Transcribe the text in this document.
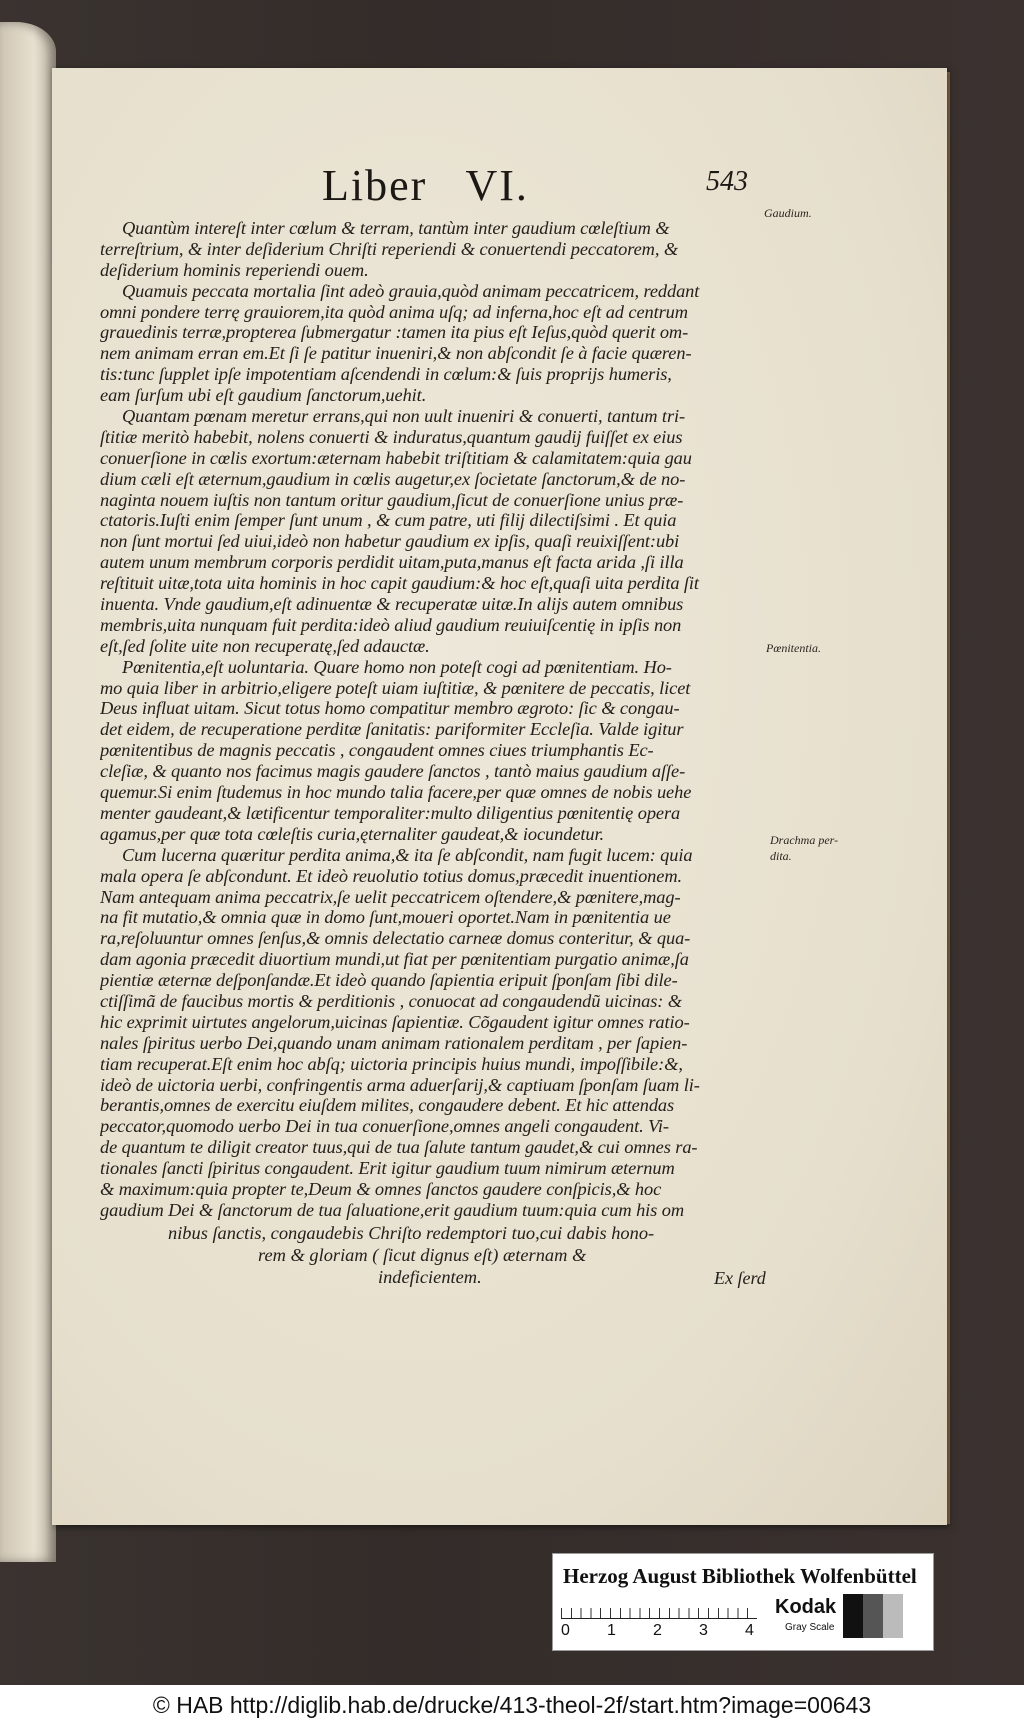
Liber   VI.	543
Quantùm intereſt inter cœlum & terram, tantùm inter gaudium cœleſtium &
terreſtrium, & inter deſiderium Chriſti reperiendi & conuertendi peccatorem, &
deſiderium hominis reperiendi ouem.
Quamuis peccata mortalia ſint adeò grauia,quòd animam peccatricem, reddant
omni pondere terrę grauiorem,ita quòd anima uſq; ad inferna,hoc eſt ad centrum
grauedinis terræ,propterea ſubmergatur :tamen ita pius eſt Ieſus,quòd querit om-
nem animam erran em.Et ſi ſe patitur inueniri,& non abſcondit ſe à facie quæren-
tis:tunc ſupplet ipſe impotentiam aſcendendi in cœlum:& ſuis proprijs humeris,
eam ſurſum ubi eſt gaudium ſanctorum,uehit.
Quantam pœnam meretur errans,qui non uult inueniri & conuerti, tantum tri-
ſtitiæ meritò habebit, nolens conuerti & induratus,quantum gaudij fuiſſet ex eius
conuerſione in cœlis exortum:æternam habebit triſtitiam & calamitatem:quia gau
dium cæli eſt æternum,gaudium in cœlis augetur,ex ſocietate ſanctorum,& de no-
naginta nouem iuſtis non tantum oritur gaudium,ſicut de conuerſione unius præ-
ctatoris.Iuſti enim ſemper ſunt unum , & cum patre, uti filij dilectiſsimi . Et quia
non ſunt mortui ſed uiui,ideò non habetur gaudium ex ipſis, quaſi reuixiſſent:ubi
autem unum membrum corporis perdidit uitam,puta,manus eſt facta arida ,ſi illa
reſtituit uitæ,tota uita hominis in hoc capit gaudium:& hoc eſt,quaſi uita perdita ſit
inuenta. Vnde gaudium,eſt adinuentæ & recuperatæ uitæ.In alijs autem omnibus
membris,uita nunquam fuit perdita:ideò aliud gaudium reuiuiſcentię in ipſis non
eſt,ſed ſolite uite non recuperatę,ſed adauctæ.
Pœnitentia,eſt uoluntaria. Quare homo non poteſt cogi ad pœnitentiam. Ho-
mo quia liber in arbitrio,eligere poteſt uiam iuſtitiæ, & pœnitere de peccatis, licet
Deus influat uitam. Sicut totus homo compatitur membro ægroto: ſic & congau-
det eidem, de recuperatione perditæ ſanitatis: pariformiter Eccleſia. Valde igitur
pœnitentibus de magnis peccatis , congaudent omnes ciues triumphantis Ec-
cleſiæ, & quanto nos facimus magis gaudere ſanctos , tantò maius gaudium aſſe-
quemur.Si enim ſtudemus in hoc mundo talia facere,per quæ omnes de nobis uehe
menter gaudeant,& lætificentur temporaliter:multo diligentius pœnitentię opera
agamus,per quæ tota cœleſtis curia,ęternaliter gaudeat,& iocundetur.
Cum lucerna quæritur perdita anima,& ita ſe abſcondit, nam fugit lucem: quia
mala opera ſe abſcondunt. Et ideò reuolutio totius domus,præcedit inuentionem.
Nam antequam anima peccatrix,ſe uelit peccatricem oſtendere,& pœnitere,mag-
na fit mutatio,& omnia quæ in domo ſunt,moueri oportet.Nam in pœnitentia ue
ra,reſoluuntur omnes ſenſus,& omnis delectatio carneæ domus conteritur, & qua-
dam agonia præcedit diuortium mundi,ut fiat per pœnitentiam purgatio animæ,ſa
pientiæ æternæ deſponſandæ.Et ideò quando ſapientia eripuit ſponſam ſibi dile-
ctiſſimã de faucibus mortis & perditionis , conuocat ad congaudendũ uicinas: &
hic exprimit uirtutes angelorum,uicinas ſapientiæ. Cõgaudent igitur omnes ratio-
nales ſpiritus uerbo Dei,quando unam animam rationalem perditam , per ſapien-
tiam recuperat.Eſt enim hoc abſq; uictoria principis huius mundi, impoſſibile:&,
ideò de uictoria uerbi, confringentis arma aduerſarij,& captiuam ſponſam ſuam li-
berantis,omnes de exercitu eiuſdem milites, congaudere debent. Et hic attendas
peccator,quomodo uerbo Dei in tua conuerſione,omnes angeli congaudent. Vi-
de quantum te diligit creator tuus,qui de tua ſalute tantum gaudet,& cui omnes ra-
tionales ſancti ſpiritus congaudent. Erit igitur gaudium tuum nimirum æternum
& maximum:quia propter te,Deum & omnes ſanctos gaudere conſpicis,& hoc
gaudium Dei & ſanctorum de tua ſaluatione,erit gaudium tuum:quia cum his om
nibus ſanctis, congaudebis Chriſto redemptori tuo,cui dabis hono-
rem & gloriam ( ſicut dignus eſt) æternam &
indeficientem.
Gaudium.
Pœnitentia.
Drachma per-
dita.
Ex ſerd
Herzog August Bibliothek Wolfenbüttel
0 1 2 3 4
Kodak
Gray Scale
© HAB http://diglib.hab.de/drucke/413-theol-2f/start.htm?image=00643
